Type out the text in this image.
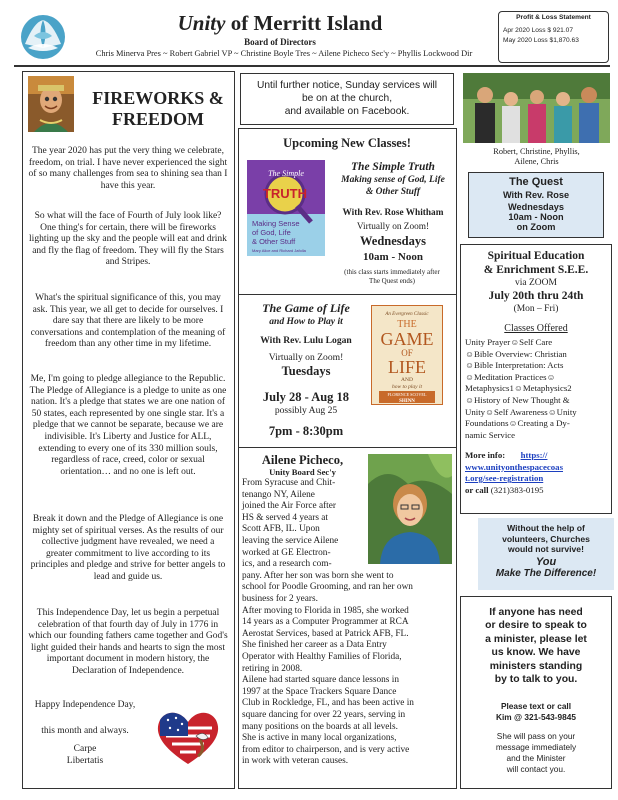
Unity of Merritt Island
Board of Directors
Chris Minerva Pres ~ Robert Gabriel VP ~ Christine Boyle Tres ~ Ailene Picheco Sec'y ~ Phyllis Lockwood Dir
Profit & Loss Statement
Apr 2020 Loss $ 921.07
May 2020 Loss $1,870.63
FIREWORKS &
FREEDOM
The year 2020 has put the very thing we celebrate, freedom, on trial. I have never experienced the sight of so many challenges from sea to shining sea than I have this year.
So what will the face of Fourth of July look like? One thing's for certain, there will be fireworks lighting up the sky and the people will eat and drink and fly the flag of freedom. They will fly the Stars and Stripes.
What's the spiritual significance of this, you may ask. This year, we all get to decide for ourselves. I dare say that there are likely to be more conversations and contemplation of the meaning of freedom than any other time in my lifetime.
Me, I'm going to pledge allegiance to the Republic. The Pledge of Allegiance is a pledge to unite as one nation. It's a pledge that states we are one nation of 50 states, each represented by one single star. It's a pledge that we cannot be separate, because we are indivisible. It's Liberty and Justice for ALL, extending to every one of its 330 million souls, regardless of race, creed, color or sexual orientation… and no one is left out.
Break it down and the Pledge of Allegiance is one mighty set of spiritual verses. As the results of our collective judgment have revealed, we need a greater commitment to live according to its principles and pledge and strive for better angels to lead and guide us.
This Independence Day, let us begin a perpetual celebration of that fourth day of July in 1776 in which our founding fathers came together and God's light guided their hands and hearts to sign the most important document in modern history, the Declaration of Independence.
Happy Independence Day,
this month and always.
Carpe
Libertatis
Until further notice, Sunday services will
be on at the church,
and available on Facebook.
Upcoming New Classes!
The Simple
TRUTH
Making Sense
of God, Life
& Other Stuff
Mary Alice and Richard Jafolla
The Simple Truth
Making sense of God, Life
& Other Stuff
With Rev. Rose Whitham
Virtually on Zoom!
Wednesdays
10am - Noon
(this class starts immediately after
The Quest ends)
The Game of Life
and How to Play it
With Rev. Lulu Logan
Virtually on Zoom!
Tuesdays
July 28 - Aug 18
possibly Aug 25
7pm - 8:30pm
An Evergreen Classic
THE
GAME
OF
LIFE
AND
how to play it
FLORENCE SCOVEL
SHINN
Ailene Picheco,
Unity Board Sec'y
From Syracuse and Chit-
tenango NY, Ailene
joined the Air Force after
HS & served 4 years at
Scott AFB, IL. Upon
leaving the service Ailene
worked at GE Electron-
ics, and a research com-
pany. After her son was born she went to
school for Poodle Grooming, and ran her own
business for 2 years.
After moving to Florida in 1985, she worked
14 years as a Computer Programmer at RCA
Aerostat Services, based at Patrick AFB, FL.
She finished her career as a Data Entry
Operator with Healthy Families of Florida,
retiring in 2008.
Ailene had started square dance lessons in
1997 at the Space Trackers Square Dance
Club in Rockledge, FL, and has been active in
square dancing for over 22 years, serving in
many positions on the boards at all levels.
She is active in many local organizations,
from editor to chairperson, and is very active
in work with veteran causes.
Robert, Christine, Phyllis,
Ailene, Chris
The Quest
With Rev. Rose
Wednesdays
10am - Noon
on Zoom
Spiritual Education
& Enrichment S.E.E.
via ZOOM
July 20th thru 24th
(Mon – Fri)
Classes Offered
Unity Prayer☺Self Care
☺Bible Overview: Christian
☺Bible Interpretation: Acts
☺Meditation Practices☺
Metaphysics1☺Metaphysics2
☺History of New Thought &
Unity☺Self Awareness☺Unity
Foundations☺Creating a Dy-
namic Service
More info: https://
www.unityonthespacecoas
t.org/see-registration
or call (321)383-0195
Without the help of
volunteers, Churches
would not survive!
You
Make The Difference!
If anyone has need
or desire to speak to
a minister, please let
us know. We have
ministers standing
by to talk to you.
Please text or call
Kim @ 321-543-9845
She will pass on your
message immediately
and the Minister
will contact you.
